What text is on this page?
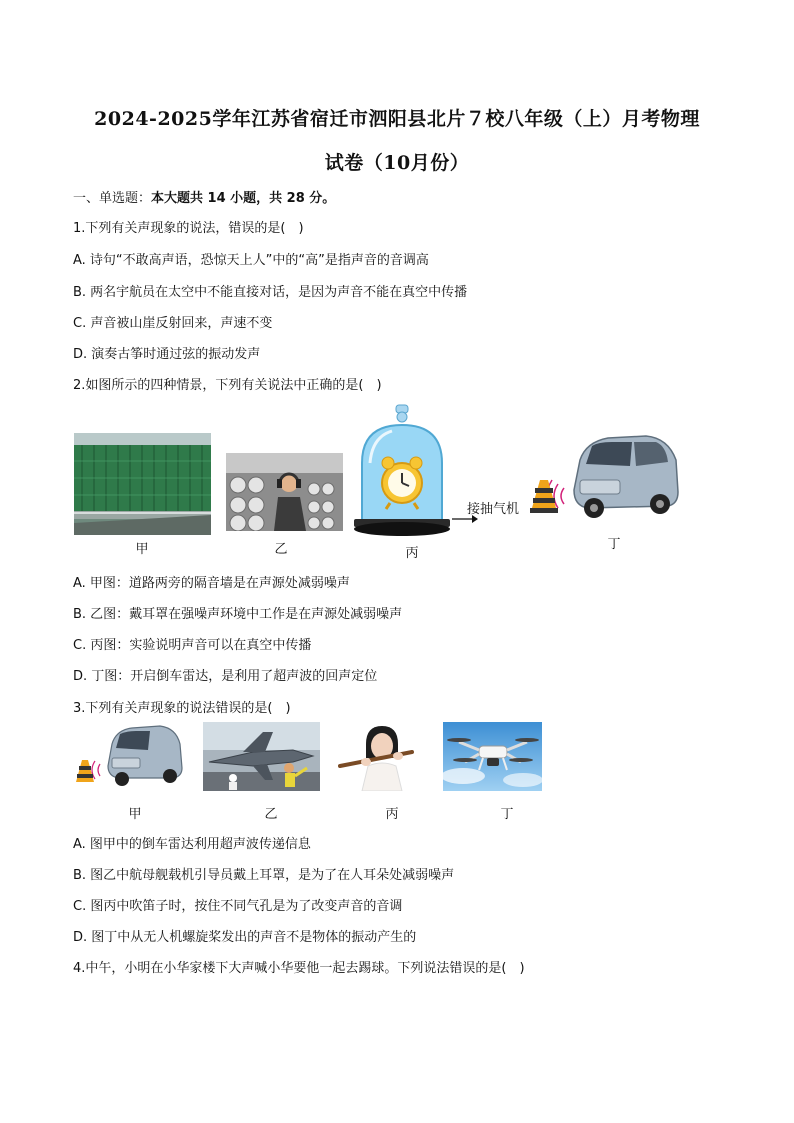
2024-2025学年江苏省宿迁市泗阳县北片７校八年级（上）月考物理
试卷（10月份）
一、单选题：本大题共 14 小题，共 28 分。
1.下列有关声现象的说法，错误的是(　)
A. 诗句“不敢高声语，恐惊天上人”中的“高”是指声音的音调高
B. 两名宇航员在太空中不能直接对话，是因为声音不能在真空中传播
C. 声音被山崖反射回来，声速不变
D. 演奏古筝时通过弦的振动发声
2.如图所示的四种情景，下列有关说法中正确的是(　)
甲	乙
接抽气机
丙
丁
A. 甲图：道路两旁的隔音墙是在声源处减弱噪声
B. 乙图：戴耳罩在强噪声环境中工作是在声源处减弱噪声
C. 丙图：实验说明声音可以在真空中传播
D. 丁图：开启倒车雷达，是利用了超声波的回声定位
3.下列有关声现象的说法错误的是(　)
甲	乙	丙	丁
A. 图甲中的倒车雷达利用超声波传递信息
B. 图乙中航母舰载机引导员戴上耳罩，是为了在人耳朵处减弱噪声
C. 图丙中吹笛子时，按住不同气孔是为了改变声音的音调
D. 图丁中从无人机螺旋桨发出的声音不是物体的振动产生的
4.中午，小明在小华家楼下大声喊小华要他一起去踢球。下列说法错误的是(　)
